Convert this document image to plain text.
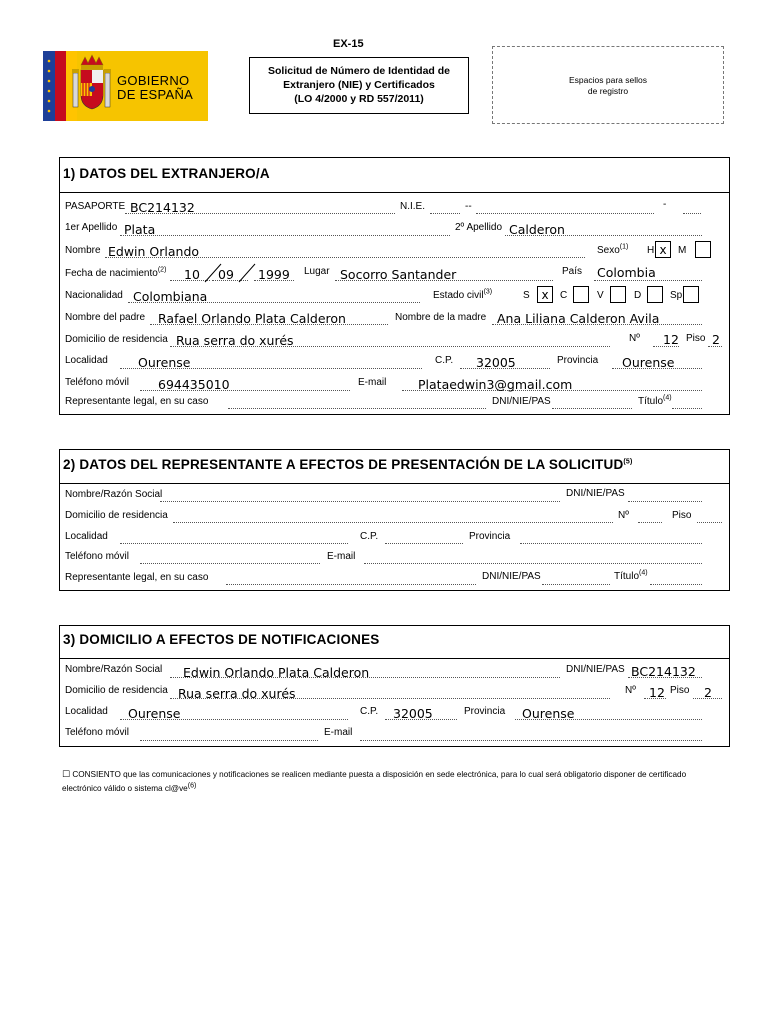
EX-15
GOBIERNO
DE ESPAÑA
Solicitud de Número de Identidad de
Extranjero (NIE) y Certificados
(LO 4/2000 y RD 557/2011)
Espacios para sellos
de registro
1) DATOS DEL EXTRANJERO/A
PASAPORTE BC214132	N.I.E.	--	-
1er Apellido Plata	2º Apellido Calderon
Nombre Edwin Orlando	Sexo$^{(1)}$ H x	M
Fecha de nacimiento$^{(2)}$ 10 09 1999 Lugar Socorro Santander	País Colombia
Nacionalidad Colombiana	Estado civil$^{(3)}$	S x	C	V	D	Sp
Nombre del padre Rafael Orlando Plata Calderon	Nombre de la madre Ana Liliana Calderon Avila
Domicilio de residencia Rua serra do xurés	Nº 12 Piso 2
Localidad Ourense	C.P. 32005	Provincia Ourense
Teléfono móvil 694435010	E-mail	Plataedwin3@gmail.com
Representante legal, en su caso	DNI/NIE/PAS	Título$^{(4)}$
2) DATOS DEL REPRESENTANTE A EFECTOS DE PRESENTACIÓN DE LA SOLICITUD$^{(5)}$
Nombre/Razón Social	DNI/NIE/PAS
Domicilio de residencia	Nº	Piso
Localidad	C.P.	Provincia
Teléfono móvil	E-mail
Representante legal, en su caso	DNI/NIE/PAS	Título$^{(4)}$
3) DOMICILIO A EFECTOS DE NOTIFICACIONES
Nombre/Razón Social Edwin Orlando Plata Calderon	DNI/NIE/PAS BC214132
Domicilio de residencia Rua serra do xurés	Nº 12 Piso 2
Localidad Ourense	C.P. 32005	Provincia Ourense
Teléfono móvil	E-mail
☐ CONSIENTO que las comunicaciones y notificaciones se realicen mediante puesta a disposición en sede electrónica, para lo cual será obligatorio disponer de certificado
electrónico válido o sistema cl@ve(6)
